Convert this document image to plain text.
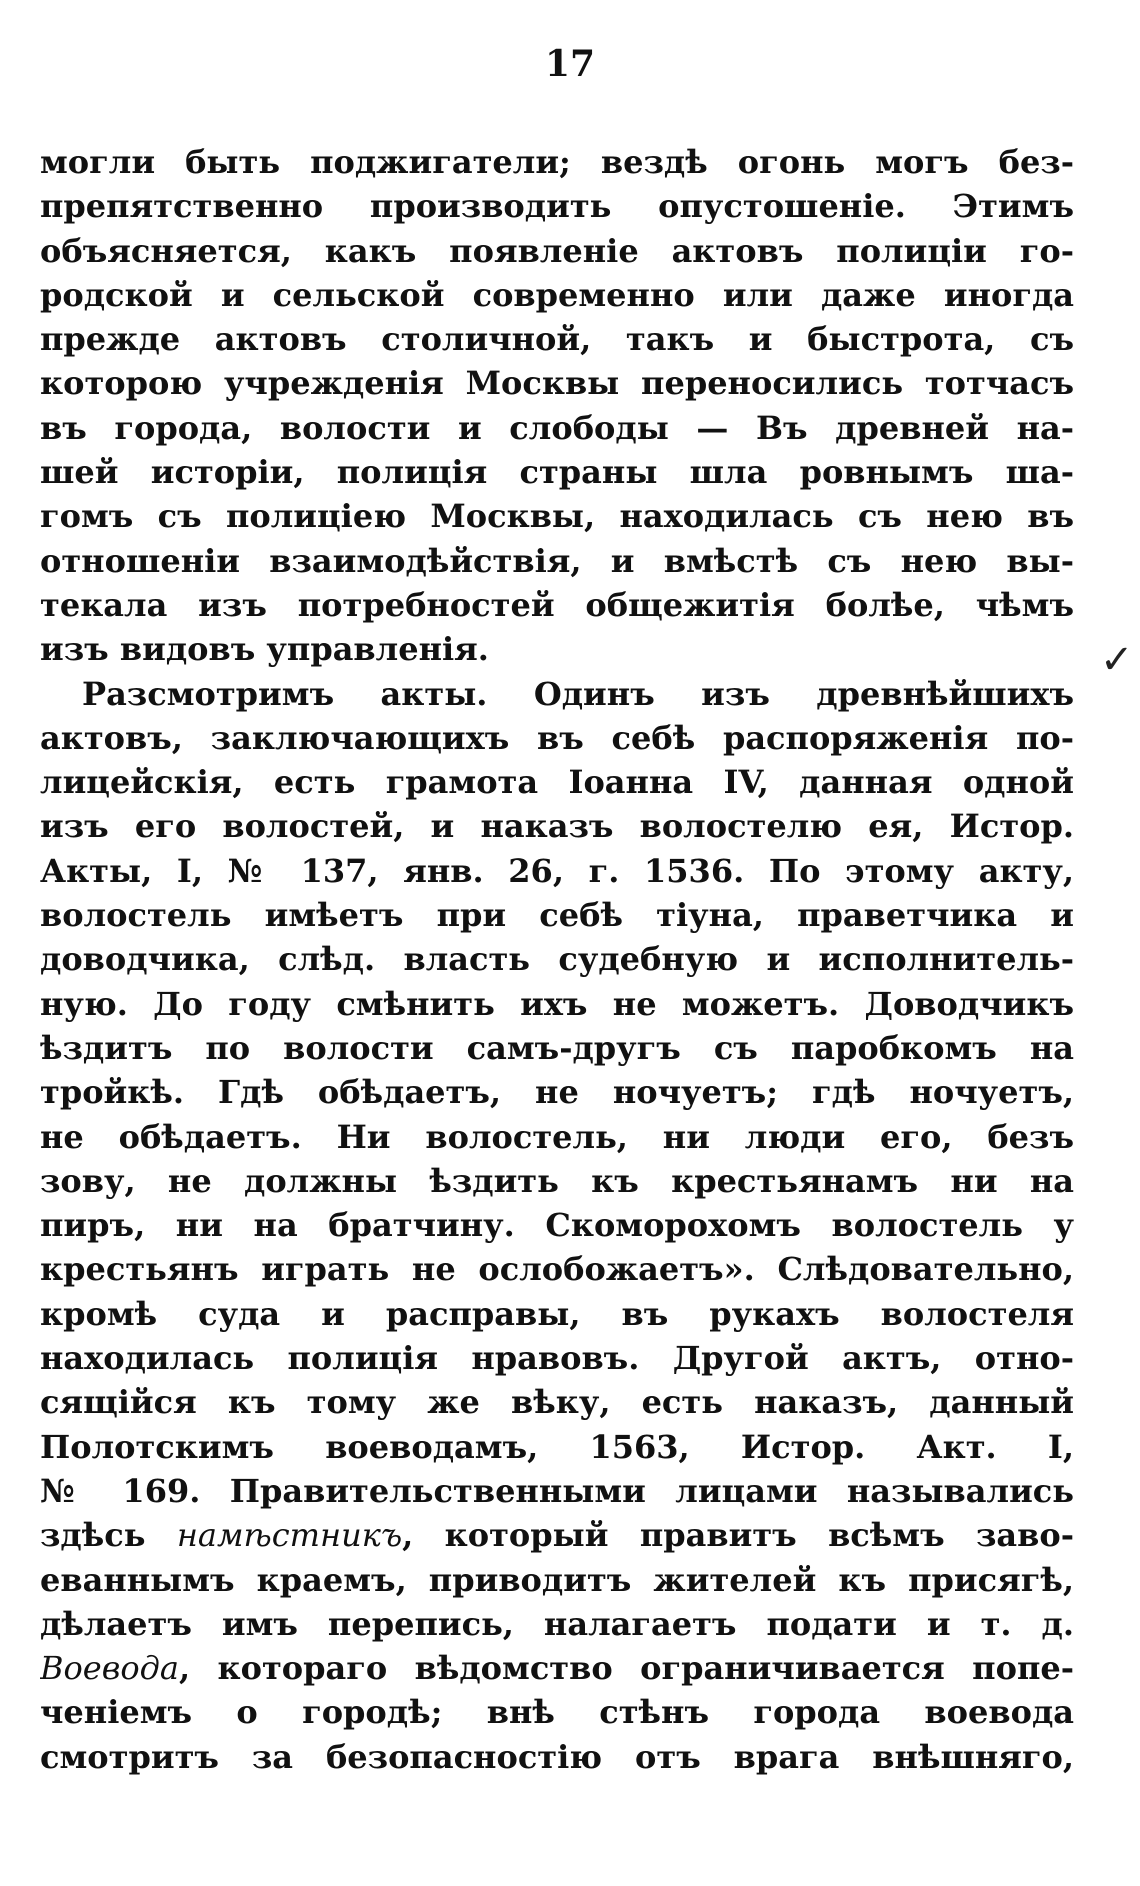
17
✓
могли быть поджигатели; вездѣ огонь могъ без-
препятственно производить опустошеніе. Этимъ
объясняется, какъ появленіе актовъ полиціи го-
родской и сельской современно или даже иногда
прежде актовъ столичной, такъ и быстрота, съ
которою учрежденія Москвы переносились тотчасъ
въ города, волости и слободы — Въ древней на-
шей исторіи, полиція страны шла ровнымъ ша-
гомъ съ полиціею Москвы, находилась съ нею въ
отношеніи взаимодѣйствія, и вмѣстѣ съ нею вы-
текала изъ потребностей общежитія болѣе, чѣмъ
изъ видовъ управленія.
Разсмотримъ акты. Одинъ изъ древнѣйшихъ
актовъ, заключающихъ въ себѣ распоряженія по-
лицейскія, есть грамота Іоанна IV, данная одной
изъ его волостей, и наказъ волостелю ея, Истор.
Акты, I, № 137, янв. 26, г. 1536. По этому акту,
волостель имѣетъ при себѣ тіуна, праветчика и
доводчика, слѣд. власть судебную и исполнитель-
ную. До году смѣнить ихъ не можетъ. Доводчикъ
ѣздитъ по волости самъ-другъ съ паробкомъ на
тройкѣ. Гдѣ обѣдаетъ, не ночуетъ; гдѣ ночуетъ,
не обѣдаетъ. Ни волостель, ни люди его, безъ
зову, не должны ѣздить къ крестьянамъ ни на
пиръ, ни на братчину. Скоморохомъ волостель у
крестьянъ играть не ослобожаетъ». Слѣдовательно,
кромѣ суда и расправы, въ рукахъ волостеля
находилась полиція нравовъ. Другой актъ, отно-
сящійся къ тому же вѣку, есть наказъ, данный
Полотскимъ воеводамъ, 1563, Истор. Акт. I,
№ 169. Правительственными лицами назывались
здѣсь намѣстникъ, который правитъ всѣмъ заво-
еваннымъ краемъ, приводитъ жителей къ присягѣ,
дѣлаетъ имъ перепись, налагаетъ подати и т. д.
Воевода, котораго вѣдомство ограничивается попе-
ченіемъ о городѣ; внѣ стѣнъ города воевода
смотритъ за безопасностію отъ врага внѣшняго,
